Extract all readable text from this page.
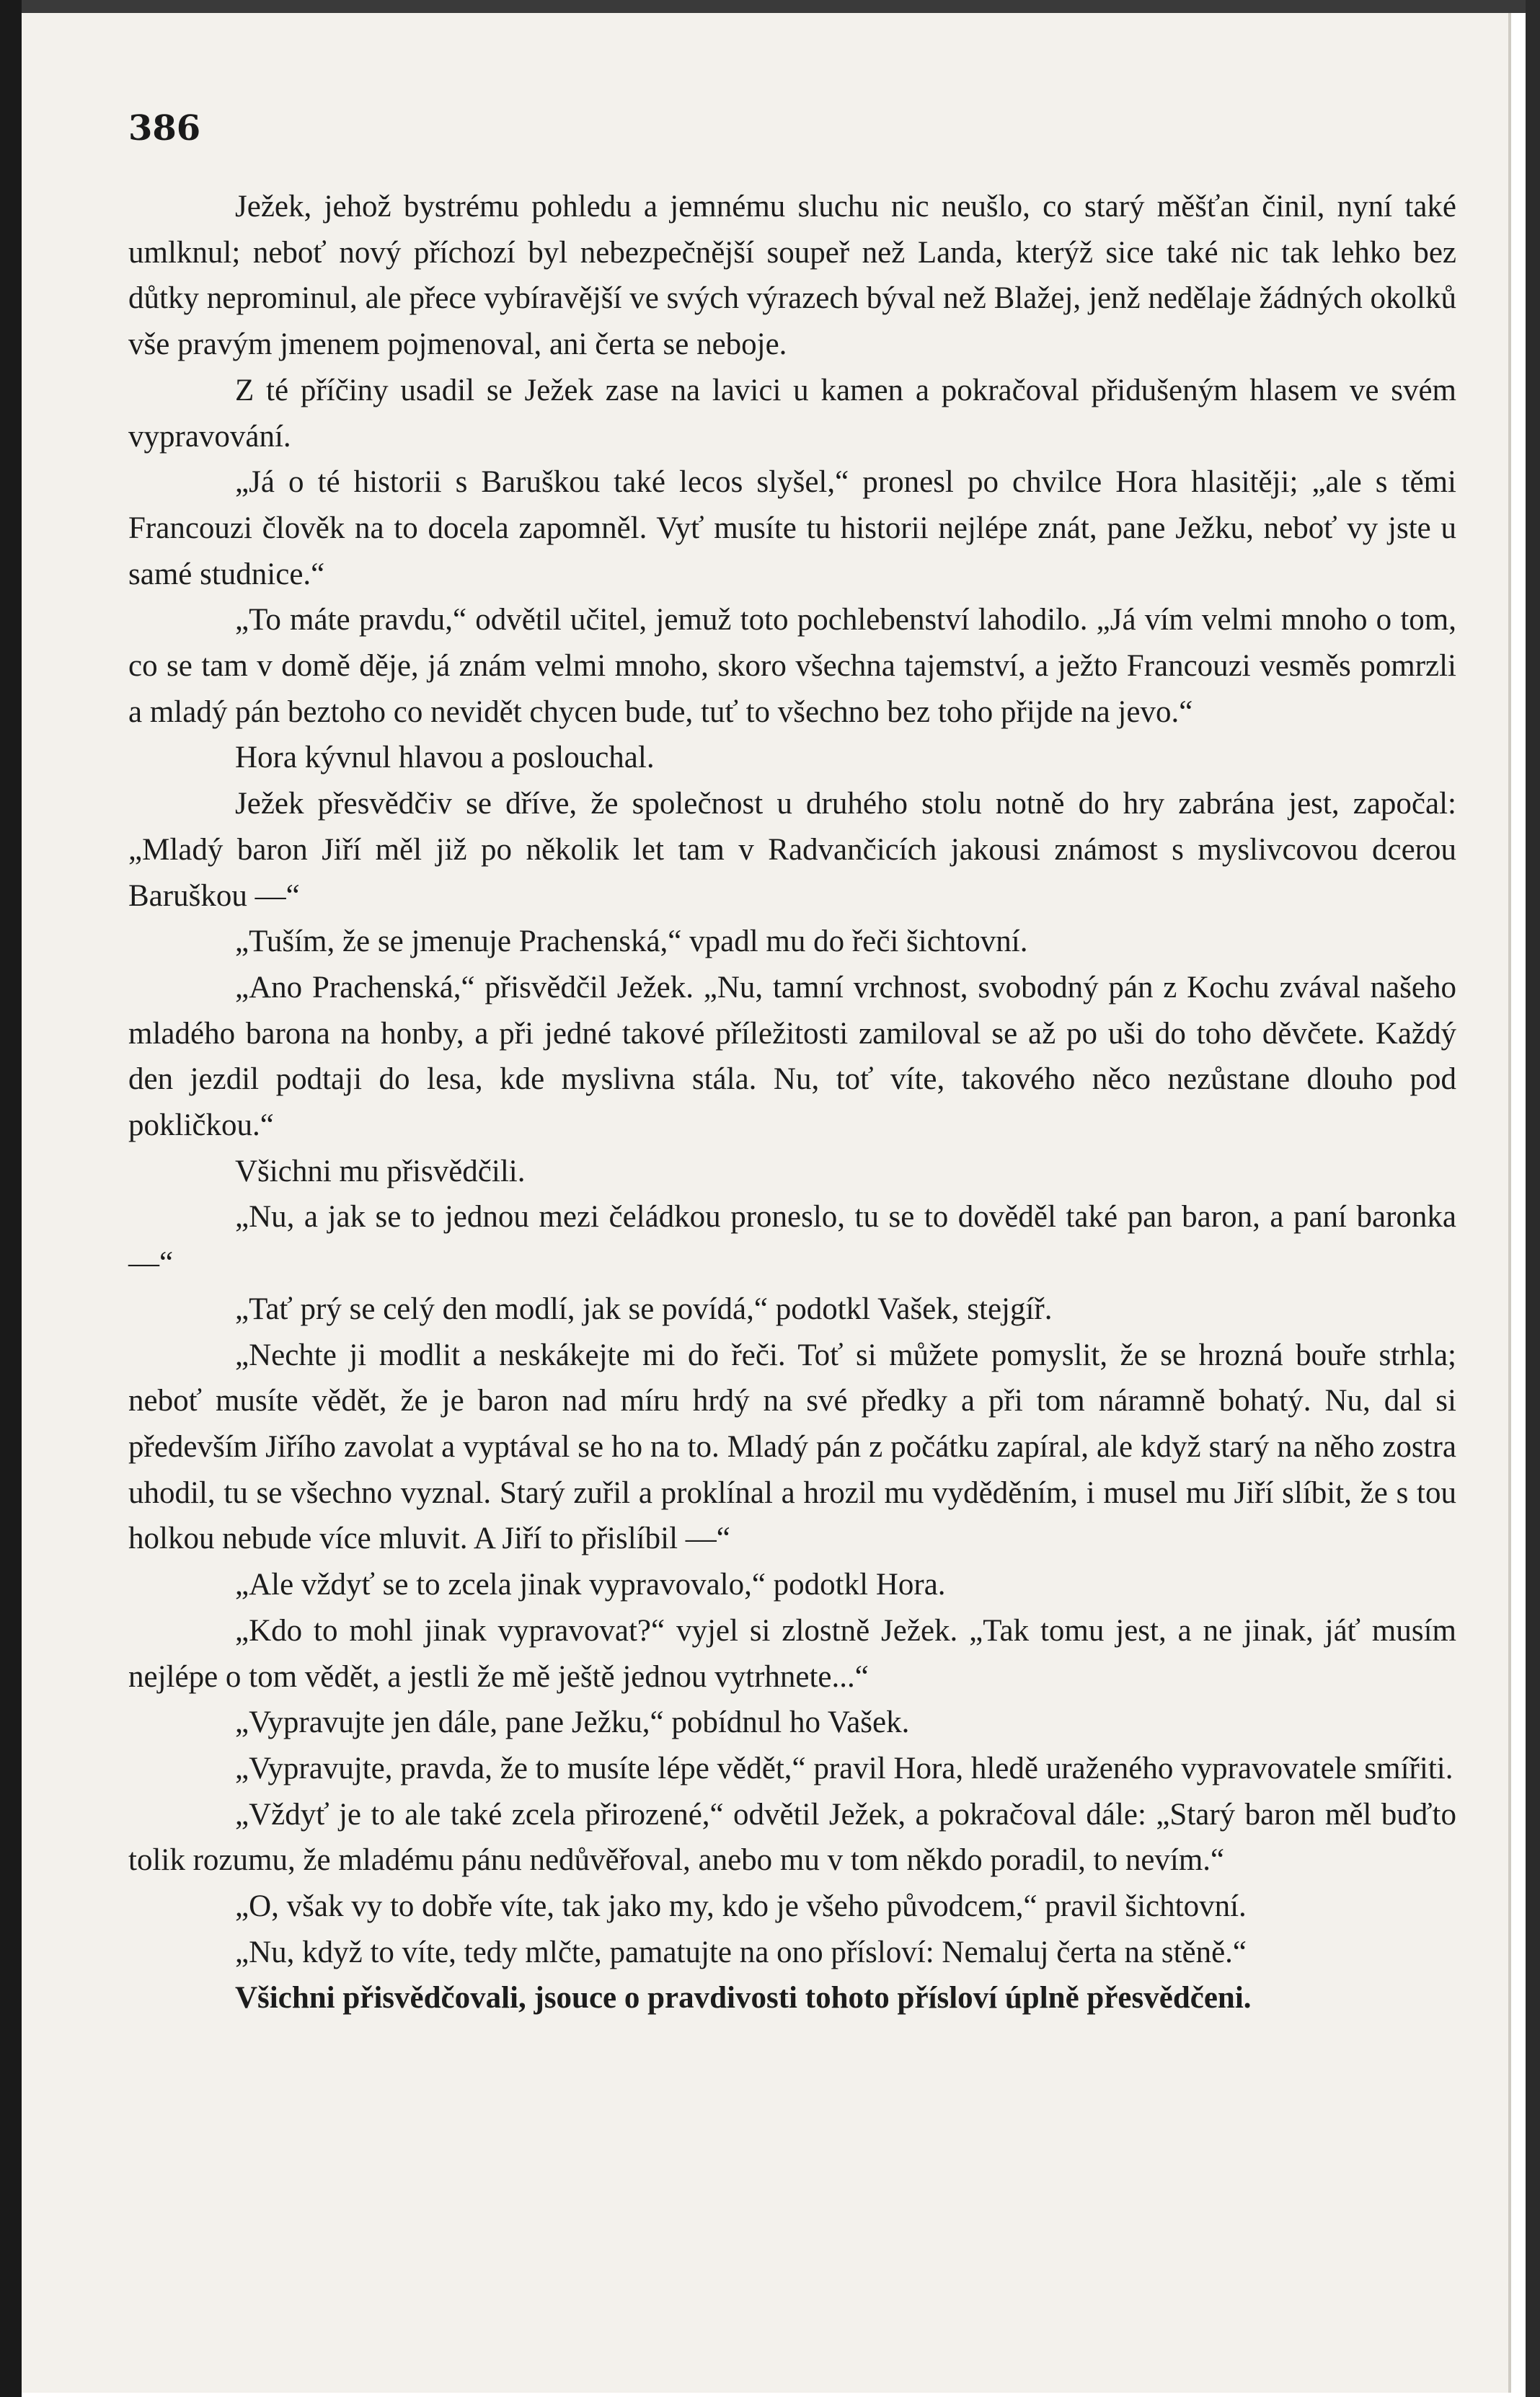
386

Ježek, jehož bystrému pohledu a jemnému sluchu nic neušlo, co starý měšťan činil, nyní také umlknul; neboť nový příchozí byl nebezpečnější soupeř než Landa, kterýž sice také nic tak lehko bez důtky neprominul, ale přece vybíravější ve svých výrazech býval než Blažej, jenž nedělaje žádných okolků vše pravým jmenem pojmenoval, ani čerta se neboje.

Z té příčiny usadil se Ježek zase na lavici u kamen a pokračoval přidušeným hlasem ve svém vypravování.

„Já o té historii s Baruškou také lecos slyšel,“ pronesl po chvilce Hora hlasitěji; „ale s těmi Francouzi člověk na to docela zapomněl. Vyť musíte tu historii nejlépe znát, pane Ježku, neboť vy jste u samé studnice.“

„To máte pravdu,“ odvětil učitel, jemuž toto pochlebenství lahodilo. „Já vím velmi mnoho o tom, co se tam v domě děje, já znám velmi mnoho, skoro všechna tajemství, a ježto Francouzi vesměs pomrzli a mladý pán beztoho co nevidět chycen bude, tuť to všechno bez toho přijde na jevo.“

Hora kývnul hlavou a poslouchal.

Ježek přesvědčiv se dříve, že společnost u druhého stolu notně do hry zabrána jest, započal: „Mladý baron Jiří měl již po několik let tam v Radvančicích jakousi známost s myslivcovou dcerou Baruškou —“

„Tuším, že se jmenuje Prachenská,“ vpadl mu do řeči šichtovní.

„Ano Prachenská,“ přisvědčil Ježek. „Nu, tamní vrchnost, svobodný pán z Kochu zvával našeho mladého barona na honby, a při jedné takové příležitosti zamiloval se až po uši do toho děvčete. Každý den jezdil podtaji do lesa, kde myslivna stála. Nu, toť víte, takového něco nezůstane dlouho pod pokličkou.“

Všichni mu přisvědčili.

„Nu, a jak se to jednou mezi čeládkou proneslo, tu se to dověděl také pan baron, a paní baronka —“

„Tať prý se celý den modlí, jak se povídá,“ podotkl Vašek, stejgíř.

„Nechte ji modlit a neskákejte mi do řeči. Toť si můžete pomyslit, že se hrozná bouře strhla; neboť musíte vědět, že je baron nad míru hrdý na své předky a při tom náramně bohatý. Nu, dal si především Jiřího zavolat a vyptával se ho na to. Mladý pán z počátku zapíral, ale když starý na něho zostra uhodil, tu se všechno vyznal. Starý zuřil a proklínal a hrozil mu vyděděním, i musel mu Jiří slíbit, že s tou holkou nebude více mluvit. A Jiří to přislíbil —“

„Ale vždyť se to zcela jinak vypravovalo,“ podotkl Hora.

„Kdo to mohl jinak vypravovat?“ vyjel si zlostně Ježek. „Tak tomu jest, a ne jinak, jáť musím nejlépe o tom vědět, a jestli že mě ještě jednou vytrhnete...“

„Vypravujte jen dále, pane Ježku,“ pobídnul ho Vašek.

„Vypravujte, pravda, že to musíte lépe vědět,“ pravil Hora, hledě uraženého vypravovatele smířiti.

„Vždyť je to ale také zcela přirozené,“ odvětil Ježek, a pokračoval dále: „Starý baron měl buďto tolik rozumu, že mladému pánu nedůvěřoval, anebo mu v tom někdo poradil, to nevím.“

„O, však vy to dobře víte, tak jako my, kdo je všeho původcem,“ pravil šichtovní.

„Nu, když to víte, tedy mlčte, pamatujte na ono přísloví: Nemaluj čerta na stěně.“

Všichni přisvědčovali, jsouce o pravdivosti tohoto přísloví úplně přesvědčeni.
